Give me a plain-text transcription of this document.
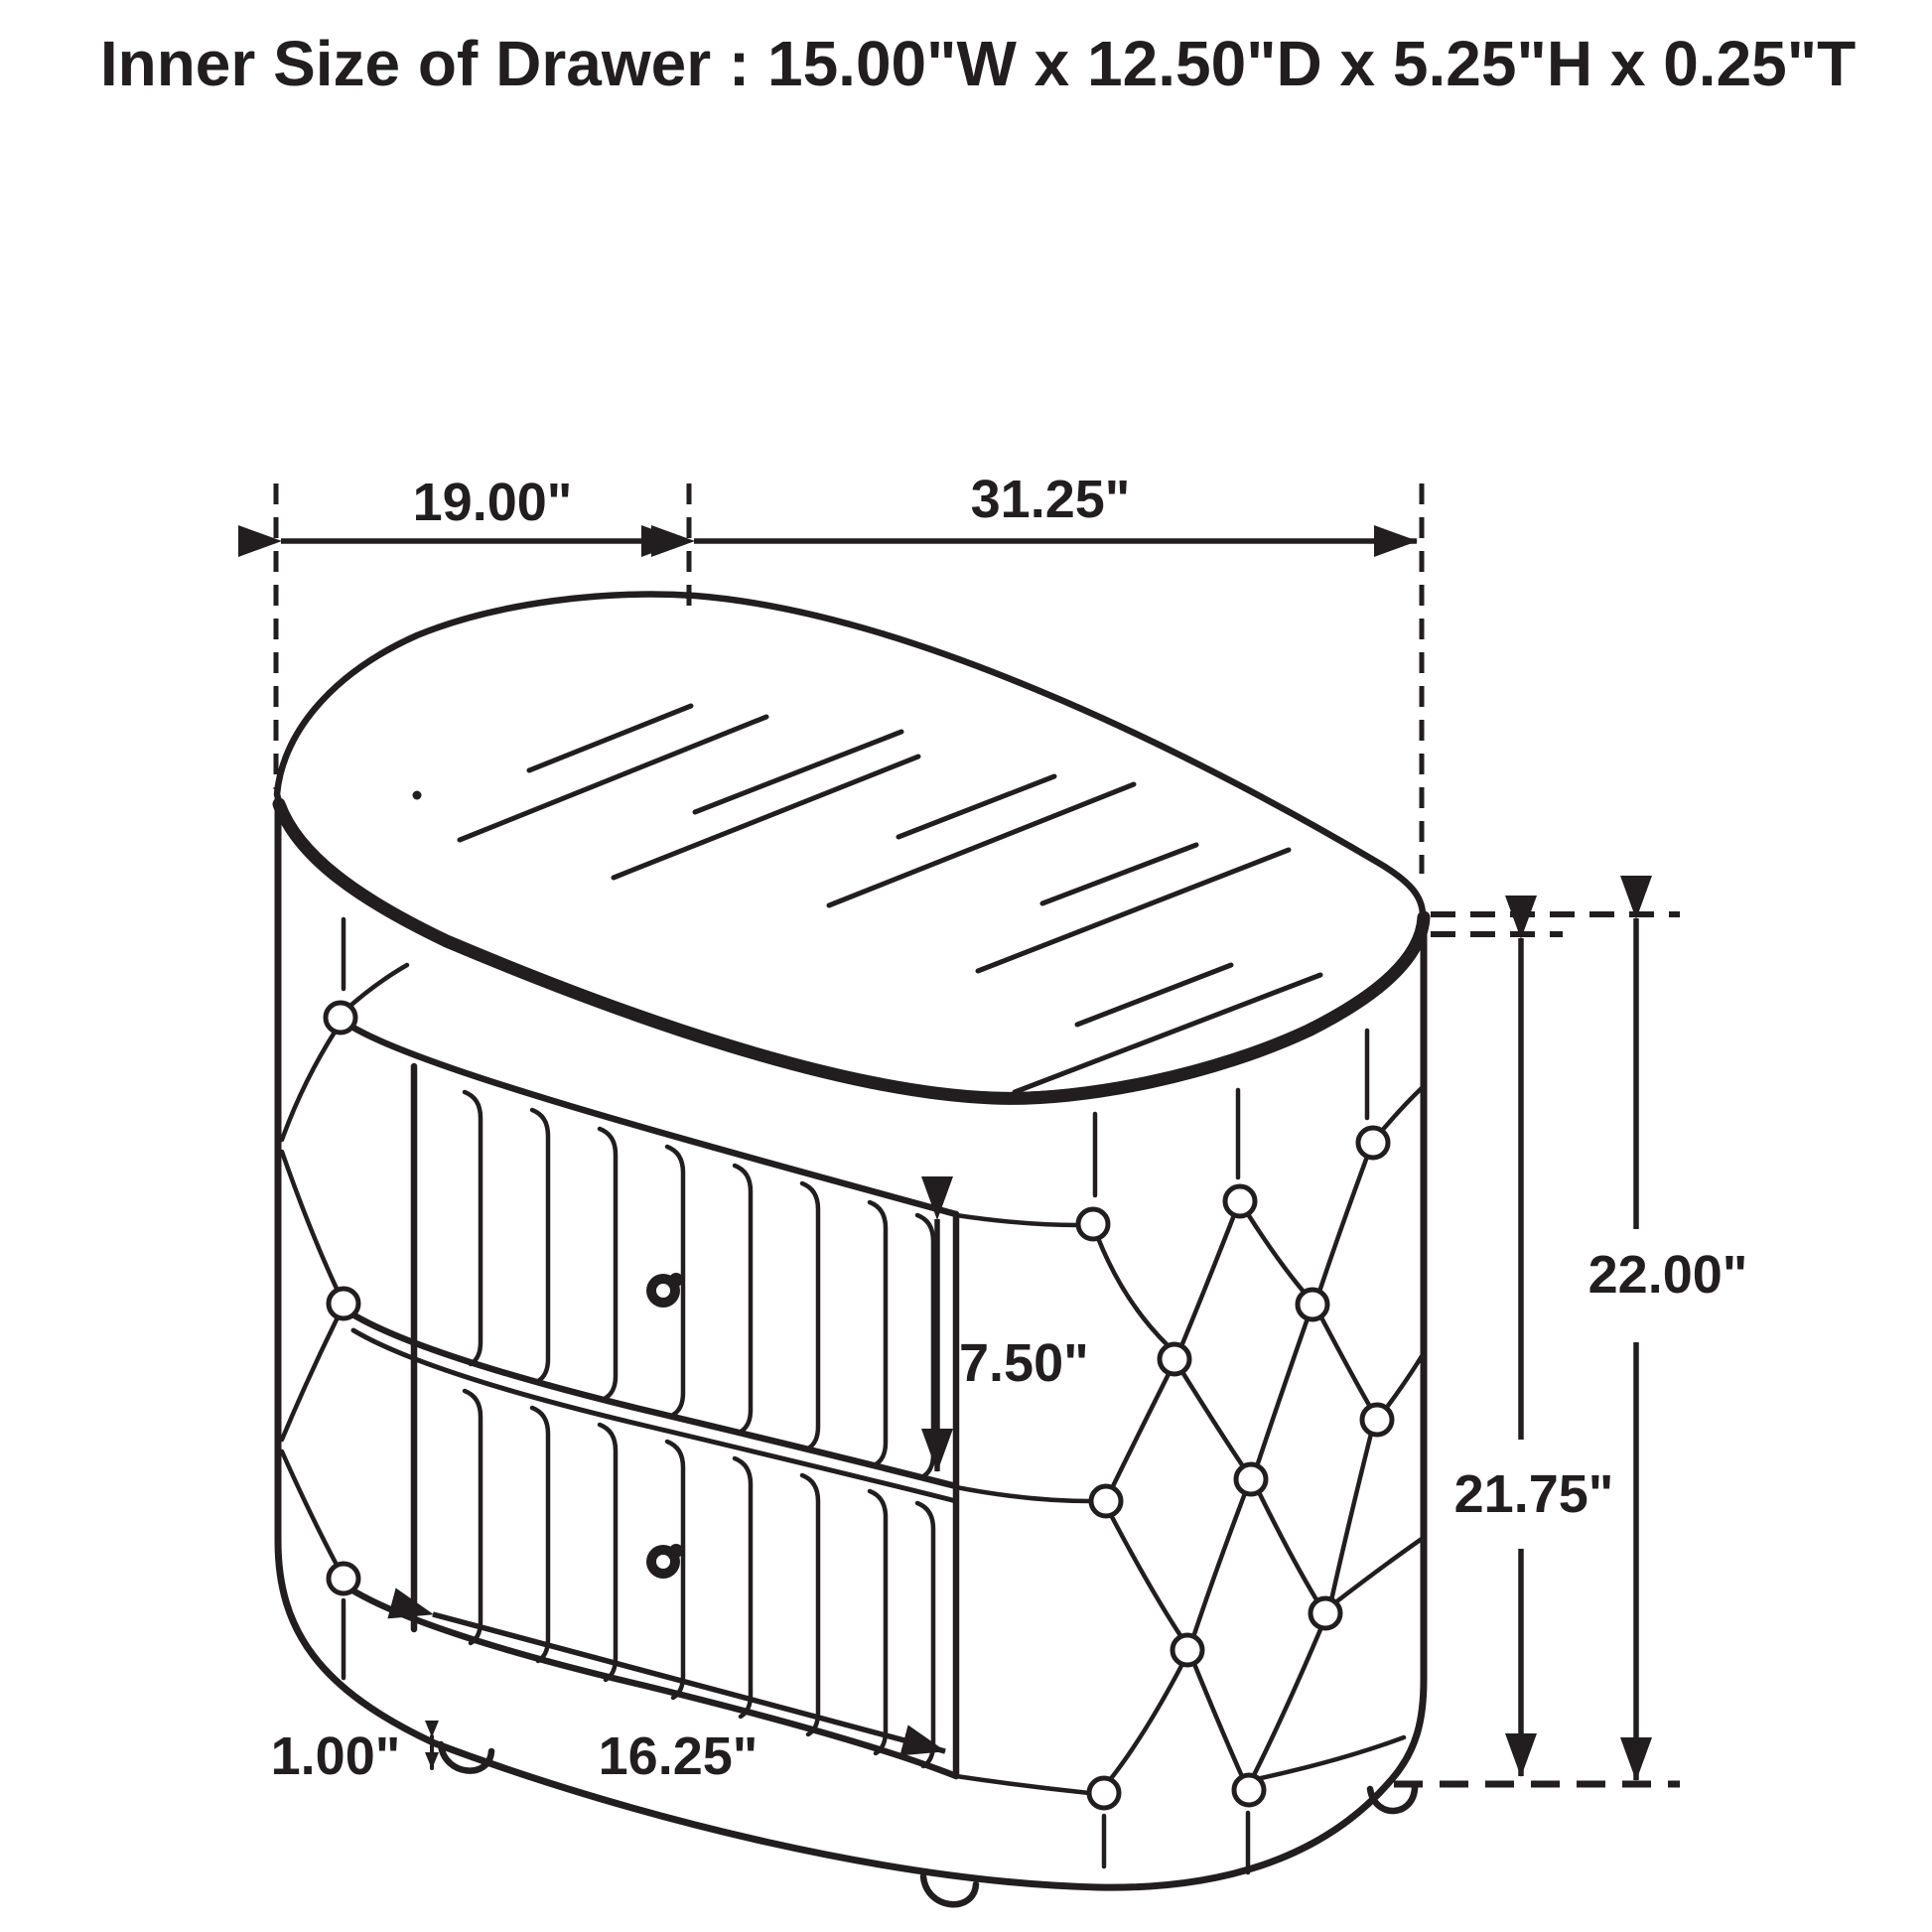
Inner Size of Drawer : 15.00"W x 12.50"D x 5.25"H x 0.25"T
19.00"	31.25"
22.00"
21.75"
7.50"
16.25"
1.00"
